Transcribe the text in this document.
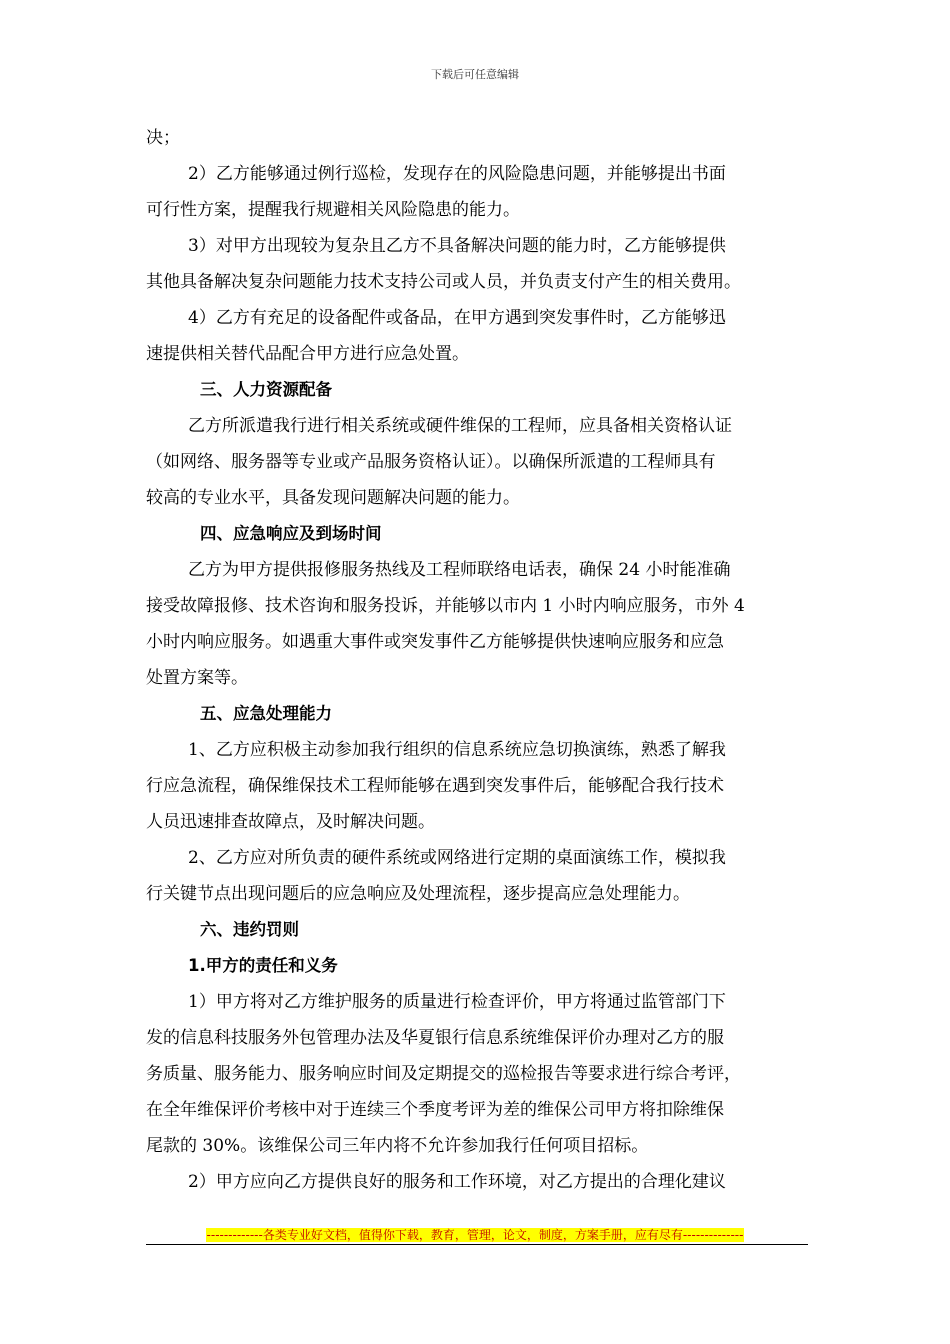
下载后可任意编辑
决；
2）乙方能够通过例行巡检，发现存在的风险隐患问题，并能够提出书面
可行性方案，提醒我行规避相关风险隐患的能力。
3）对甲方出现较为复杂且乙方不具备解决问题的能力时，乙方能够提供
其他具备解决复杂问题能力技术支持公司或人员，并负责支付产生的相关费用。
4）乙方有充足的设备配件或备品，在甲方遇到突发事件时，乙方能够迅
速提供相关替代品配合甲方进行应急处置。
三、人力资源配备
乙方所派遣我行进行相关系统或硬件维保的工程师，应具备相关资格认证
（如网络、服务器等专业或产品服务资格认证）。以确保所派遣的工程师具有
较高的专业水平，具备发现问题解决问题的能力。
四、应急响应及到场时间
乙方为甲方提供报修服务热线及工程师联络电话表，确保 24 小时能准确
接受故障报修、技术咨询和服务投诉，并能够以市内 1 小时内响应服务，市外 4
小时内响应服务。如遇重大事件或突发事件乙方能够提供快速响应服务和应急
处置方案等。
五、应急处理能力
1、乙方应积极主动参加我行组织的信息系统应急切换演练，熟悉了解我
行应急流程，确保维保技术工程师能够在遇到突发事件后，能够配合我行技术
人员迅速排查故障点，及时解决问题。
2、乙方应对所负责的硬件系统或网络进行定期的桌面演练工作，模拟我
行关键节点出现问题后的应急响应及处理流程，逐步提高应急处理能力。
六、违约罚则
1.甲方的责任和义务
1）甲方将对乙方维护服务的质量进行检查评价，甲方将通过监管部门下
发的信息科技服务外包管理办法及华夏银行信息系统维保评价办理对乙方的服
务质量、服务能力、服务响应时间及定期提交的巡检报告等要求进行综合考评，
在全年维保评价考核中对于连续三个季度考评为差的维保公司甲方将扣除维保
尾款的 30%。该维保公司三年内将不允许参加我行任何项目招标。
2）甲方应向乙方提供良好的服务和工作环境，对乙方提出的合理化建议
-------------各类专业好文档，值得你下载，教育，管理，论文，制度，方案手册，应有尽有--------------
